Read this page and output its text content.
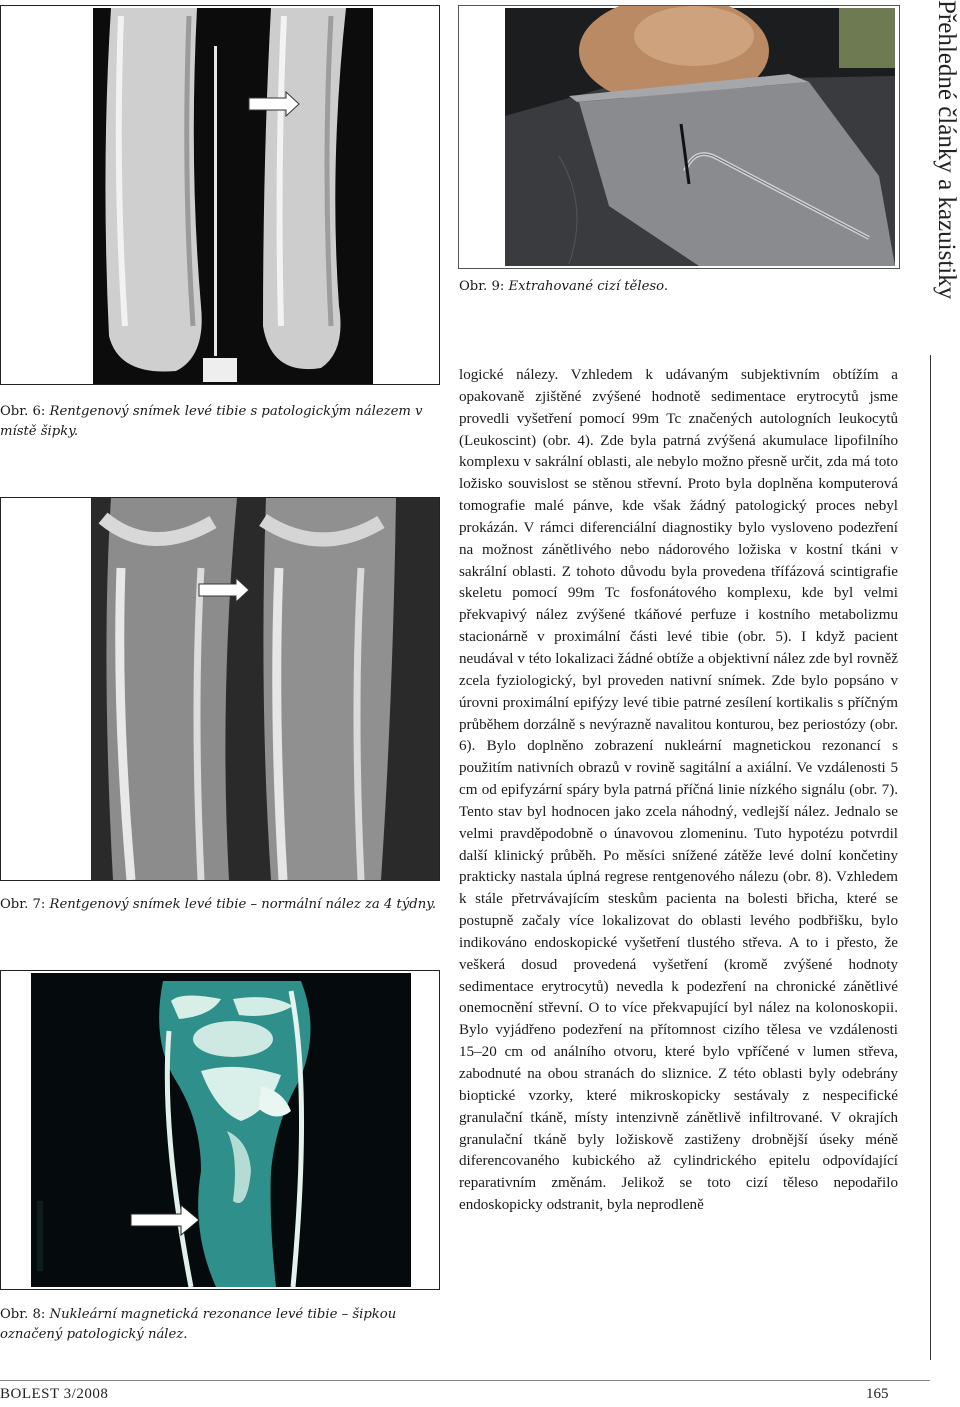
Obr. 6: Rentgenový snímek levé tibie s patologickým nálezem v místě šipky.
Obr. 7: Rentgenový snímek levé tibie – normální nález za 4 týdny.
Obr. 8: Nukleární magnetická rezonance levé tibie – šipkou označený patologický nález.
Obr. 9: Extrahované cizí těleso.

logické nálezy. Vzhledem k udávaným subjektivním obtížím a opakovaně zjištěné zvýšené hodnotě sedimentace erytrocytů jsme provedli vyšetření pomocí 99m Tc značených autologních leukocytů (Leukoscint) (obr. 4). Zde byla patrná zvýšená akumulace lipofilního komplexu v sakrální oblasti, ale nebylo možno přesně určit, zda má toto ložisko souvislost se stěnou střevní. Proto byla doplněna komputerová tomografie malé pánve, kde však žádný patologický proces nebyl prokázán. V rámci diferenciální diagnostiky bylo vysloveno podezření na možnost zánětlivého nebo nádorového ložiska v kostní tkáni v sakrální oblasti. Z tohoto důvodu byla provedena třífázová scintigrafie skeletu pomocí 99m Tc fosfonátového komplexu, kde byl velmi překvapivý nález zvýšené tkáňové perfuze i kostního metabolizmu stacionárně v proximální části levé tibie (obr. 5). I když pacient neudával v této lokalizaci žádné obtíže a objektivní nález zde byl rovněž zcela fyziologický, byl proveden nativní snímek. Zde bylo popsáno v úrovni proximální epifýzy levé tibie patrné zesílení kortikalis s příčným průběhem dorzálně s nevýrazně navalitou konturou, bez periostózy (obr. 6). Bylo doplněno zobrazení nukleární magnetickou rezonancí s použitím nativních obrazů v rovině sagitální a axiální. Ve vzdálenosti 5 cm od epifyzární spáry byla patrná příčná linie nízkého signálu (obr. 7). Tento stav byl hodnocen jako zcela náhodný, vedlejší nález. Jednalo se velmi pravděpodobně o únavovou zlomeninu. Tuto hypotézu potvrdil další klinický průběh. Po měsíci snížené zátěže levé dolní končetiny prakticky nastala úplná regrese rentgenového nálezu (obr. 8). Vzhledem k stále přetrvávajícím steskům pacienta na bolesti břicha, které se postupně začaly více lokalizovat do oblasti levého podbřišku, bylo indikováno endoskopické vyšetření tlustého střeva. A to i přesto, že veškerá dosud provedená vyšetření (kromě zvýšené hodnoty sedimentace erytrocytů) nevedla k podezření na chronické zánětlivé onemocnění střevní. O to více překvapující byl nález na kolonoskopii. Bylo vyjádřeno podezření na přítomnost cizího tělesa ve vzdálenosti 15–20 cm od análního otvoru, které bylo vpříčené v lumen střeva, zabodnuté na obou stranách do sliznice. Z této oblasti byly odebrány bioptické vzorky, které mikroskopicky sestávaly z nespecifické granulační tkáně, místy intenzivně zánětlivě infiltrované. V okrajích granulační tkáně byly ložiskově zastiženy drobnější úseky méně diferencovaného kubického až cylindrického epitelu odpovídající reparativním změnám. Jelikož se toto cizí těleso nepodařilo endoskopicky odstranit, byla neprodleně

Přehledné články a kazuistiky
BOLEST 3/2008	165
